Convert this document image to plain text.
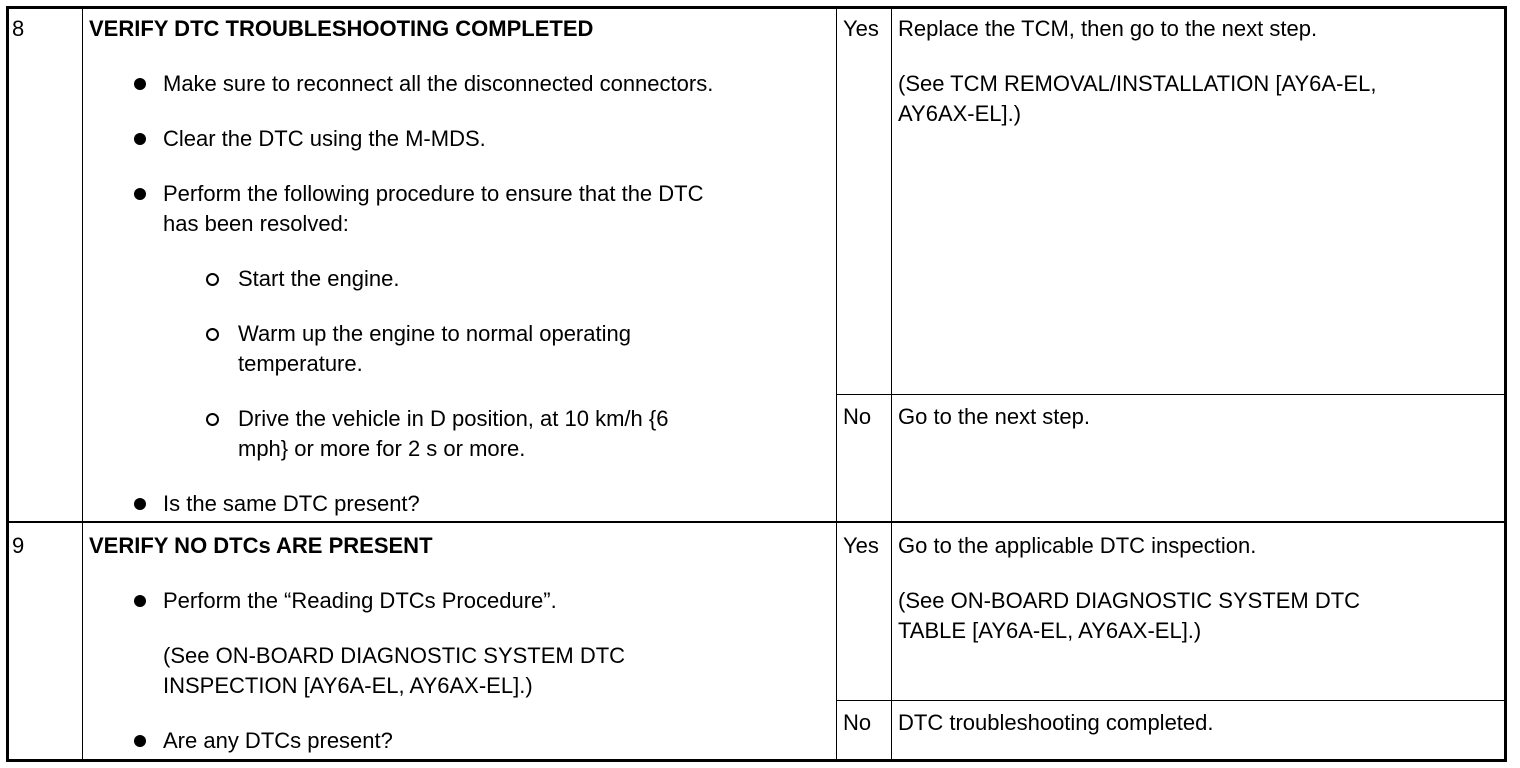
8	VERIFY DTC TROUBLESHOOTING COMPLETED
Make sure to reconnect all the disconnected connectors.
Clear the DTC using the M-MDS.
Perform the following procedure to ensure that the DTC
has been resolved:
Start the engine.
Warm up the engine to normal operating
temperature.
Drive the vehicle in D position, at 10 km/h {6
mph} or more for 2 s or more.
Is the same DTC present?
Yes Replace the TCM, then go to the next step.
(See TCM REMOVAL/INSTALLATION [AY6A-EL,
AY6AX-EL].)
No Go to the next step.
9	VERIFY NO DTCs ARE PRESENT
Perform the “Reading DTCs Procedure”.
(See ON-BOARD DIAGNOSTIC SYSTEM DTC
INSPECTION [AY6A-EL, AY6AX-EL].)
Are any DTCs present?
Yes Go to the applicable DTC inspection.
(See ON-BOARD DIAGNOSTIC SYSTEM DTC
TABLE [AY6A-EL, AY6AX-EL].)
No DTC troubleshooting completed.
